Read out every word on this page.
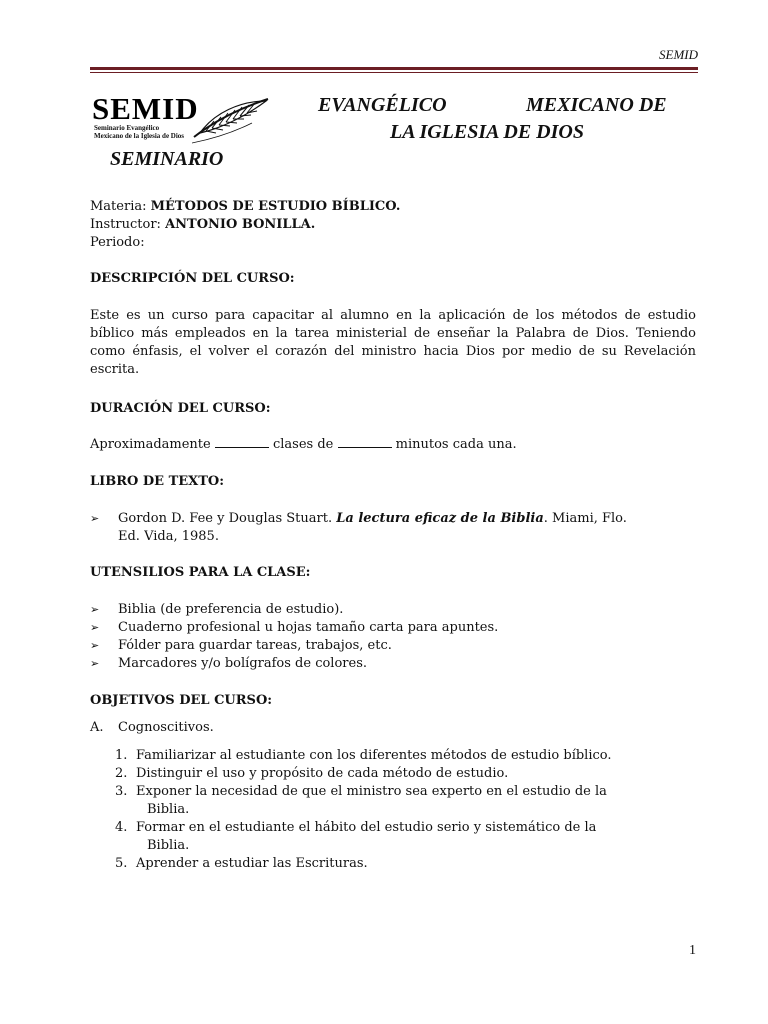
SEMID
SEMID
Seminario Evangélico
Mexicano de la Iglesia de Dios
EVANGÉLICO	MEXICANO DE
LA IGLESIA DE DIOS
SEMINARIO
Materia: MÉTODOS DE ESTUDIO BÍBLICO.
Instructor: ANTONIO BONILLA.
Periodo:
DESCRIPCIÓN DEL CURSO:
Este es un curso para capacitar al alumno en la aplicación de los métodos de estudio bíblico más empleados en la tarea ministerial de enseñar la Palabra de Dios. Teniendo como énfasis, el volver el corazón del ministro hacia Dios por medio de su Revelación escrita.
DURACIÓN DEL CURSO:
Aproximadamente	clases de	minutos cada una.
LIBRO DE TEXTO:
➢ Gordon D. Fee y Douglas Stuart. La lectura eficaz de la Biblia. Miami, Flo.
Ed. Vida, 1985.
UTENSILIOS PARA LA CLASE:
➢ Biblia (de preferencia de estudio).
➢ Cuaderno profesional u hojas tamaño carta para apuntes.
➢ Fólder para guardar tareas, trabajos, etc.
➢ Marcadores y/o bolígrafos de colores.
OBJETIVOS DEL CURSO:
A. Cognoscitivos.
1. Familiarizar al estudiante con los diferentes métodos de estudio bíblico.
2. Distinguir el uso y propósito de cada método de estudio.
3. Exponer la necesidad de que el ministro sea experto en el estudio de la
Biblia.
4. Formar en el estudiante el hábito del estudio serio y sistemático de la
Biblia.
5. Aprender a estudiar las Escrituras.
1
